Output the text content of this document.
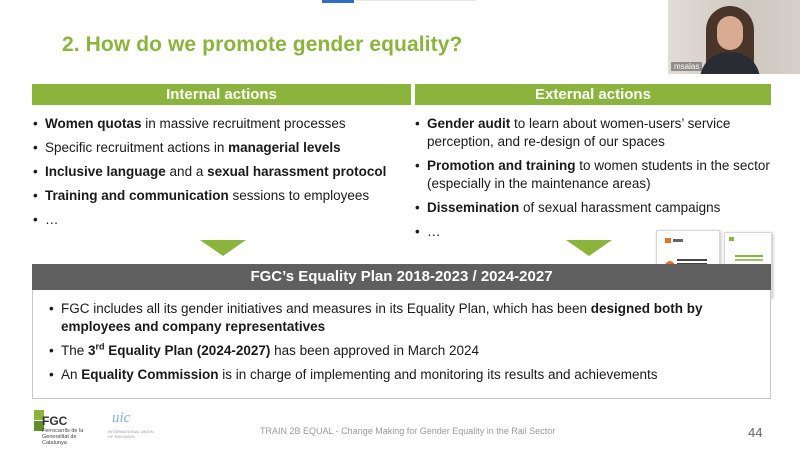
2. How do we promote gender equality?
msalas
Internal actions	External actions
• Women quotas in massive recruitment processes
• Specific recruitment actions in managerial levels
• Inclusive language and a sexual harassment protocol
• Training and communication sessions to employees
• …
• Gender audit to learn about women-users’ service perception, and re-design of our spaces
• Promotion and training to women students in the sector (especially in the maintenance areas)
• Dissemination of sexual harassment campaigns
• …
FGC’s Equality Plan 2018-2023 / 2024-2027
• FGC includes all its gender initiatives and measures in its Equality Plan, which has been designed both by employees and company representatives
• The 3rd Equality Plan (2024-2027) has been approved in March 2024
• An Equality Commission is in charge of implementing and monitoring its results and achievements
FGC
Ferrocarrils de la Generalitat de Catalunya
uic
INTERNATIONAL UNION OF RAILWAYS
TRAIN 2B EQUAL - Change Making for Gender Equality in the Rail Sector	44
